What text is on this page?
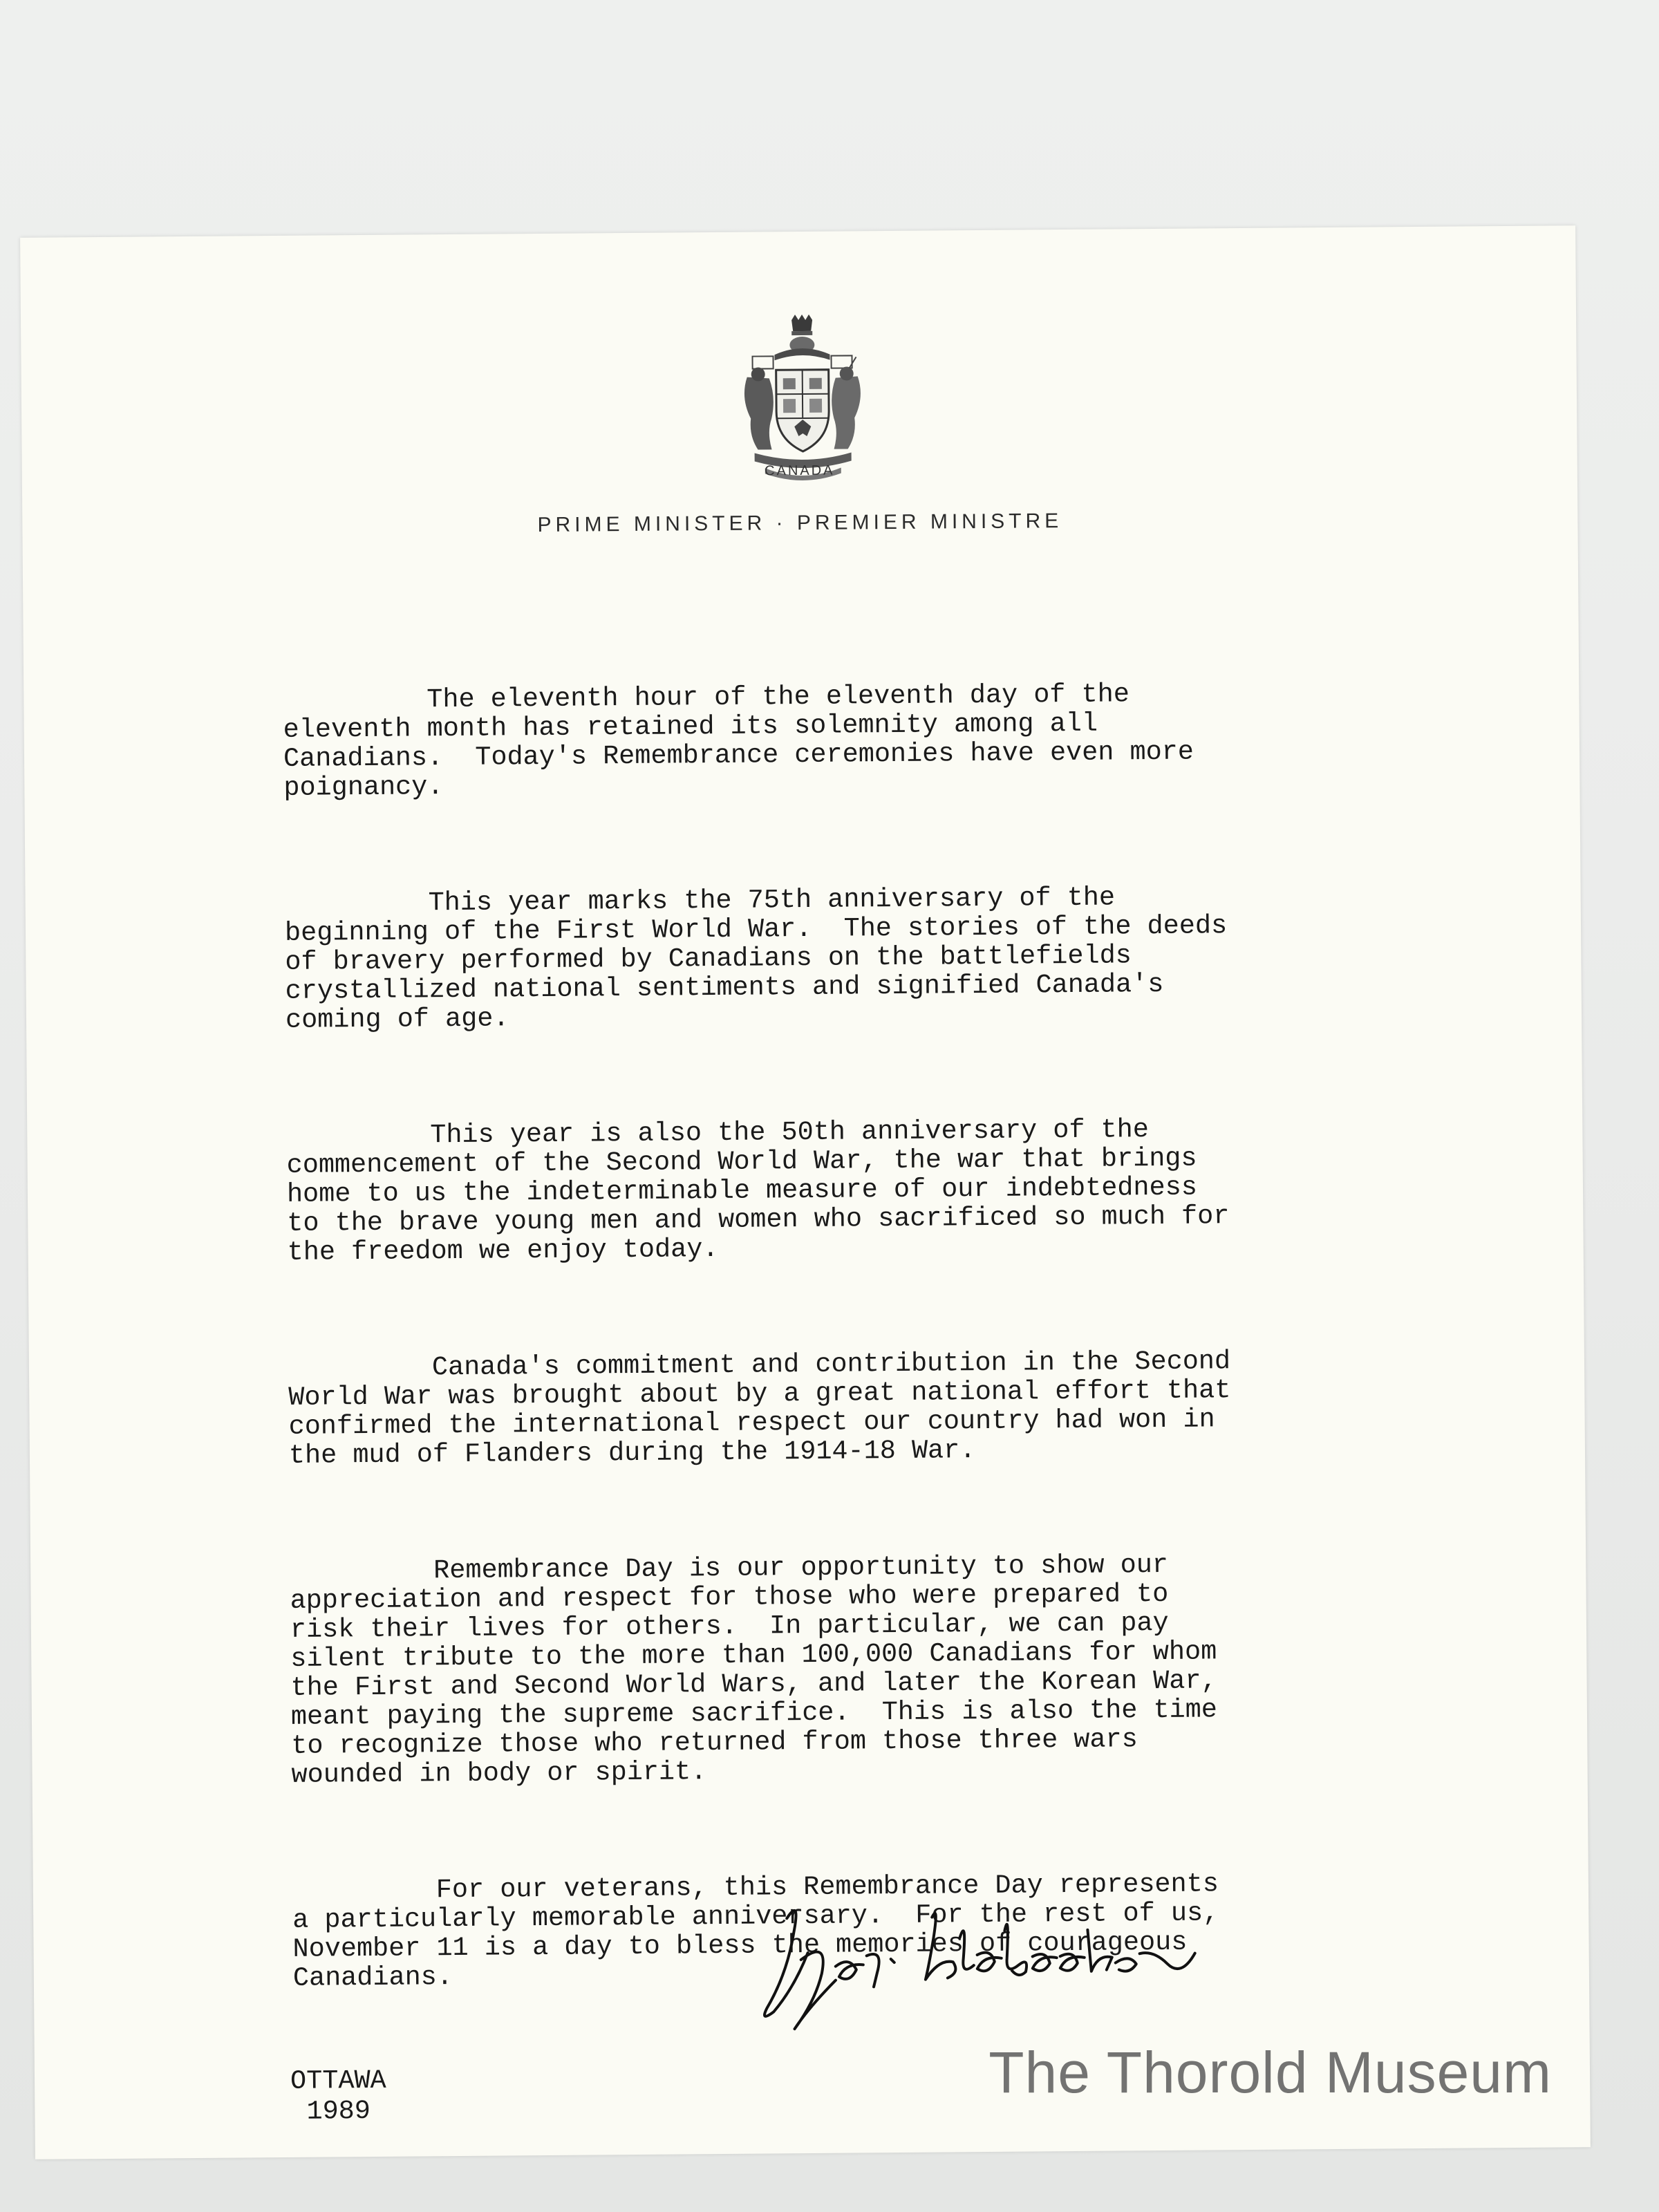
CANADA
PRIME MINISTER · PREMIER MINISTRE

The eleventh hour of the eleventh day of the
eleventh month has retained its solemnity among all
Canadians.  Today's Remembrance ceremonies have even more
poignancy.

This year marks the 75th anniversary of the
beginning of the First World War.  The stories of the deeds
of bravery performed by Canadians on the battlefields
crystallized national sentiments and signified Canada's
coming of age.

This year is also the 50th anniversary of the
commencement of the Second World War, the war that brings
home to us the indeterminable measure of our indebtedness
to the brave young men and women who sacrificed so much for
the freedom we enjoy today.

Canada's commitment and contribution in the Second
World War was brought about by a great national effort that
confirmed the international respect our country had won in
the mud of Flanders during the 1914-18 War.

Remembrance Day is our opportunity to show our
appreciation and respect for those who were prepared to
risk their lives for others.  In particular, we can pay
silent tribute to the more than 100,000 Canadians for whom
the First and Second World Wars, and later the Korean War,
meant paying the supreme sacrifice.  This is also the time
to recognize those who returned from those three wars
wounded in body or spirit.

For our veterans, this Remembrance Day represents
a particularly memorable anniversary.  For the rest of us,
November 11 is a day to bless the memories of courageous
Canadians.

OTTAWA
1989
The Thorold Museum
